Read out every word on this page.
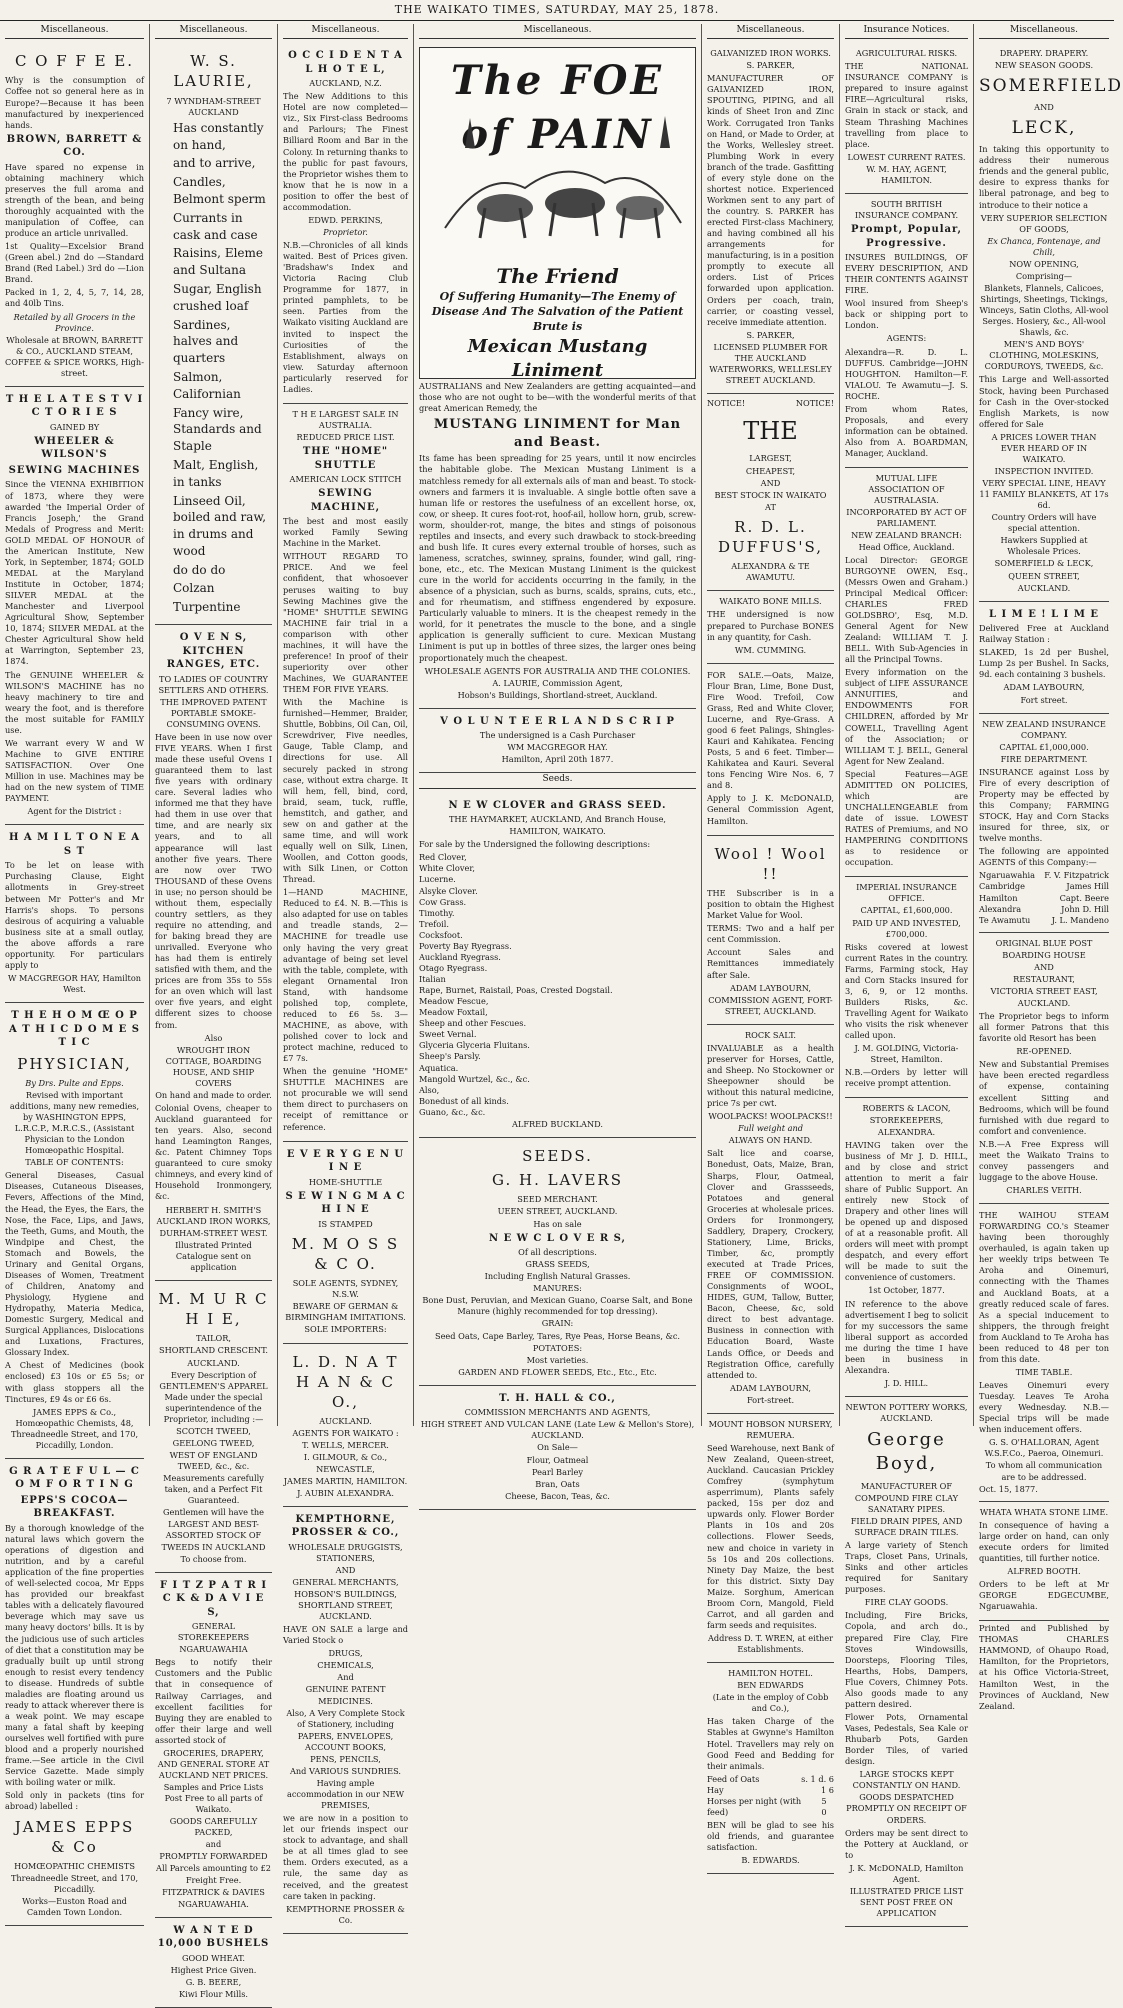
THE WAIKATO TIMES, SATURDAY, MAY 25, 1878.
Miscellaneous.
C O F F E E.

Why is the consumption of Coffee not so general here as in Europe?—Because it has been manufactured by inexperienced hands.

BROWN, BARRETT & CO.

Have spared no expense in obtaining machinery which preserves the full aroma and strength of the bean, and being thoroughly acquainted with the manipulation of Coffee, can produce an article unrivalled.

1st Quality—Excelsior Brand (Green abel.) 2nd do —Standard Brand (Red Label.) 3rd do —Lion Brand.

Packed in 1, 2, 4, 5, 7, 14, 28, and 40lb Tins.

Retailed by all Grocers in the Province.

Wholesale at BROWN, BARRETT & CO., AUCKLAND STEAM, COFFEE & SPICE WORKS, High-street.

T H E L A T E S T V I C T O R I E S
GAINED BY
WHEELER & WILSON'S
SEWING MACHINES

Since the VIENNA EXHIBITION of 1873, where they were awarded 'the Imperial Order of Francis Joseph,' the Grand Medals of Progress and Merit: GOLD MEDAL OF HONOUR of the American Institute, New York, in September, 1874; GOLD MEDAL at the Maryland Institute in October, 1874; SILVER MEDAL at the Manchester and Liverpool Agricultural Show, September 10, 1874; SILVER MEDAL at the Chester Agricultural Show held at Warrington, September 23, 1874.

The GENUINE WHEELER & WILSON'S MACHINE has no heavy machinery to tire and weary the foot, and is therefore the most suitable for FAMILY use.

We warrant every W and W Machine to GIVE ENTIRE SATISFACTION. Over One Million in use. Machines may be had on the new system of TIME PAYMENT.

Agent for the District :

H A M I L T O N E A S T

To be let on lease with Purchasing Clause, Eight allotments in Grey-street between Mr Potter's and Mr Harris's shops. To persons desirous of acquiring a valuable business site at a small outlay, the above affords a rare opportunity. For particulars apply to

W MACGREGOR HAY, Hamilton West.

T H E H O M Œ O P A T H I C D O M E S T I C
PHYSICIAN,
By Drs. Pulte and Epps.

Revised with important additions, many new remedies, by WASHINGTON EPPS, L.R.C.P., M.R.C.S., (Assistant Physician to the London Homœopathic Hospital.

TABLE OF CONTENTS:

General Diseases, Casual Diseases, Cutaneous Diseases, Fevers, Affections of the Mind, the Head, the Eyes, the Ears, the Nose, the Face, Lips, and Jaws, the Teeth, Gums, and Mouth, the Windpipe and Chest, the Stomach and Bowels, the Urinary and Genital Organs, Diseases of Women, Treatment of Children, Anatomy and Physiology, Hygiene and Hydropathy, Materia Medica, Domestic Surgery, Medical and Surgical Appliances, Dislocations and Luxations, Fractures, Glossary Index.

A Chest of Medicines (book enclosed) £3 10s or £5 5s; or with glass stoppers all the Tinctures, £9 4s or £6 6s.

JAMES EPPS & Co., Homœopathic Chemists, 48, Threadneedle Street, and 170, Piccadilly, London.

G R A T E F U L — C O M F O R T I N G
EPPS'S COCOA—BREAKFAST.

By a thorough knowledge of the natural laws which govern the operations of digestion and nutrition, and by a careful application of the fine properties of well-selected cocoa, Mr Epps has provided our breakfast tables with a delicately flavoured beverage which may save us many heavy doctors' bills. It is by the judicious use of such articles of diet that a constitution may be gradually built up until strong enough to resist every tendency to disease. Hundreds of subtle maladies are floating around us ready to attack wherever there is a weak point. We may escape many a fatal shaft by keeping ourselves well fortified with pure blood and a properly nourished frame.—See article in the Civil Service Gazette. Made simply with boiling water or milk.

Sold only in packets (tins for abroad) labelled :

JAMES EPPS & Co
HOMŒOPATHIC CHEMISTS
Threadneedle Street, and 170, Piccadilly.
Works—Euston Road and Camden Town London.
Miscellaneous.
W. S. LAURIE,
7 WYNDHAM-STREET AUCKLAND
Has constantly on hand,
and to arrive,
Candles, Belmont sperm
Currants in cask and case
Raisins, Eleme and Sultana
Sugar, English crushed loaf
Sardines, halves and quarters
Salmon, Californian
Fancy wire, Standards and Staple
Malt, English, in tanks
Linseed Oil, boiled and raw, in drums and wood
do do do
Colzan
Turpentine
O V E N S, KITCHEN RANGES, ETC.
TO LADIES OF COUNTRY SETTLERS AND OTHERS.
THE IMPROVED PATENT PORTABLE SMOKE-CONSUMING OVENS.

Have been in use now over FIVE YEARS. When I first made these useful Ovens I guaranteed them to last five years with ordinary care. Several ladies who informed me that they have had them in use over that time, and are nearly six years, and to all appearance will last another five years. There are now over TWO THOUSAND of these Ovens in use; no person should be without them, especially country settlers, as they require no attending, and for baking bread they are unrivalled. Everyone who has had them is entirely satisfied with them, and the prices are from 35s to 55s for an oven which will last over five years, and eight different sizes to choose from.

Also
WROUGHT IRON COTTAGE, BOARDING HOUSE, AND SHIP COVERS
On hand and made to order.

Colonial Ovens, cheaper to Auckland guaranteed for ten years. Also, second hand Leamington Ranges, &c. Patent Chimney Tops guaranteed to cure smoky chimneys, and every kind of Household Ironmongery, &c.

HERBERT H. SMITH'S AUCKLAND IRON WORKS,
DURHAM-STREET WEST.
Illustrated Printed Catalogue sent on application
M. M U R C H I E,
TAILOR,
SHORTLAND CRESCENT.
AUCKLAND.

Every Description of GENTLEMEN'S APPAREL Made under the special superintendence of the Proprietor, including :—

SCOTCH TWEED,
GEELONG TWEED,
WEST OF ENGLAND TWEED, &c., &c.

Measurements carefully taken, and a Perfect Fit Guaranteed.

Gentlemen will have the
LARGEST AND BEST-ASSORTED STOCK OF TWEEDS IN AUCKLAND
To choose from.
F I T Z P A T R I C K & D A V I E S,
GENERAL STOREKEEPERS
NGARUAWAHIA

Begs to notify their Customers and the Public that in consequence of Railway Carriages, and excellent facilities for Buying they are enabled to offer their large and well assorted stock of

GROCERIES, DRAPERY, AND GENERAL STORE AT AUCKLAND NET PRICES.
Samples and Price Lists Post Free to all parts of Waikato.
GOODS CAREFULLY PACKED,
and
PROMPTLY FORWARDED
All Parcels amounting to £2 Freight Free.
FITZPATRICK & DAVIES
NGARUAWAHIA.
W A N T E D 10,000 BUSHELS
GOOD WHEAT.
Highest Price Given.
G. B. BEERE,
Kiwi Flour Mills.
Miscellaneous.
O C C I D E N T A L H O T E L,
AUCKLAND, N.Z.

The New Additions to this Hotel are now completed—viz., Six First-class Bedrooms and Parlours; The Finest Billiard Room and Bar in the Colony. In returning thanks to the public for past favours, the Proprietor wishes them to know that he is now in a position to offer the best of accommodation.

EDWD. PERKINS,
Proprietor.

N.B.—Chronicles of all kinds waited. Best of Prices given. 'Bradshaw's Index and Victoria Racing Club Programme for 1877, in printed pamphlets, to be seen. Parties from the Waikato visiting Auckland are invited to inspect the Curiosities of the Establishment, always on view. Saturday afternoon particularly reserved for Ladies.

T H E LARGEST SALE IN AUSTRALIA.
REDUCED PRICE LIST.
THE "HOME" SHUTTLE
AMERICAN LOCK STITCH
SEWING MACHINE,

The best and most easily worked Family Sewing Machine in the Market.

WITHOUT REGARD TO PRICE. And we feel confident, that whosoever peruses waiting to buy Sewing Machines give the "HOME" SHUTTLE SEWING MACHINE fair trial in a comparison with other machines, it will have the preference! In proof of their superiority over other Machines, We GUARANTEE THEM FOR FIVE YEARS.

With the Machine is furnished—Hemmer, Braider, Shuttle, Bobbins, Oil Can, Oil, Screwdriver, Five needles, Gauge, Table Clamp, and directions for use. All securely packed in strong case, without extra charge. It will hem, fell, bind, cord, braid, seam, tuck, ruffle, hemstitch, and gather, and sew on and gather at the same time, and will work equally well on Silk, Linen, Woollen, and Cotton goods, with Silk Linen, or Cotton Thread.

1—HAND MACHINE, Reduced to £4. N. B.—This is also adapted for use on tables and treadle stands, 2—MACHINE for treadle use only having the very great advantage of being set level with the table, complete, with elegant Ornamental Iron Stand, with handsome polished top, complete, reduced to £6 5s. 3—MACHINE, as above, with polished cover to lock and protect machine, reduced to £7 7s.

When the genuine "HOME" SHUTTLE MACHINES are not procurable we will send them direct to purchasers on receipt of remittance or reference.

E V E R Y G E N U I N E
HOME-SHUTTLE
S E W I N G M A C H I N E
IS STAMPED
M. M O S S & C O.
SOLE AGENTS, SYDNEY, N.S.W.
BEWARE OF GERMAN & BIRMINGHAM IMITATIONS.
SOLE IMPORTERS:
L. D. N A T H A N & C O.,
AUCKLAND.
AGENTS FOR WAIKATO :
T. WELLS, MERCER.
I. GILMOUR, & Co., NEWCASTLE,
JAMES MARTIN, HAMILTON.
J. AUBIN ALEXANDRA.
KEMPTHORNE, PROSSER & CO.,
WHOLESALE DRUGGISTS, STATIONERS,
AND
GENERAL MERCHANTS,
HOBSON'S BUILDINGS, SHORTLAND STREET, AUCKLAND.

HAVE ON SALE a large and Varied Stock o

DRUGS,
CHEMICALS,
And
GENUINE PATENT MEDICINES.
Also, A Very Complete Stock of Stationery, including
PAPERS, ENVELOPES, ACCOUNT BOOKS,
PENS, PENCILS,
And VARIOUS SUNDRIES.
Having ample accommodation in our NEW PREMISES,

we are now in a position to let our friends inspect our stock to advantage, and shall be at all times glad to see them. Orders executed, as a rule, the same day as received, and the greatest care taken in packing.

KEMPTHORNE PROSSER & Co.
Miscellaneous.
The FOE of PAIN
The Friend
Of Suffering Humanity—The Enemy of Disease And The Salvation of the Patient Brute is
Mexican Mustang Liniment

AUSTRALIANS and New Zealanders are getting acquainted—and those who are not ought to be—with the wonderful merits of that great American Remedy, the

MUSTANG LINIMENT for Man and Beast.

Its fame has been spreading for 25 years, until it now encircles the habitable globe. The Mexican Mustang Liniment is a matchless remedy for all externals ails of man and beast. To stock-owners and farmers it is invaluable. A single bottle often save a human life or restores the usefulness of an excellent horse, ox, cow, or sheep. It cures foot-rot, hoof-ail, hollow horn, grub, screw-worm, shoulder-rot, mange, the bites and stings of poisonous reptiles and insects, and every such drawback to stock-breeding and bush life. It cures every external trouble of horses, such as lameness, scratches, swinney, sprains, founder, wind gall, ring-bone, etc., etc. The Mexican Mustang Liniment is the quickest cure in the world for accidents occurring in the family, in the absence of a physician, such as burns, scalds, sprains, cuts, etc., and for rheumatism, and stiffness engendered by exposure. Particularly valuable to miners. It is the cheapest remedy in the world, for it penetrates the muscle to the bone, and a single application is generally sufficient to cure. Mexican Mustang Liniment is put up in bottles of three sizes, the larger ones being proportionately much the cheapest.

WHOLESALE AGENTS FOR AUSTRALIA AND THE COLONIES.
A. LAURIE, Commission Agent,
Hobson's Buildings, Shortland-street, Auckland.
V O L U N T E E R L A N D S C R I P
The undersigned is a Cash Purchaser
WM MACGREGOR HAY.
Hamilton, April 20th 1877.
Seeds.
N E W CLOVER and GRASS SEED.
THE HAYMARKET, AUCKLAND, And Branch House,
HAMILTON, WAIKATO.

For sale by the Undersigned the following descriptions:

Red Clover,
White Clover,
Lucerne.
Alsyke Clover.
Cow Grass.
Timothy.
Trefoil.
Cocksfoot.
Poverty Bay Ryegrass.
Auckland Ryegrass.
Otago Ryegrass.
Italian
Rape, Burnet, Raistail, Poas, Crested Dogstail.
Meadow Fescue,
Meadow Foxtail,
Sheep and other Fescues.
Sweet Vernal.
Glyceria Glyceria Fluitans.
Sheep's Parsly.
Aquatica.
Mangold Wurtzel, &c., &c.
Also,
Bonedust of all kinds.
Guano, &c., &c.
ALFRED BUCKLAND.
SEEDS.
G. H. LAVERS
SEED MERCHANT.
UEEN STREET, AUCKLAND.
Has on sale
N E W C L O V E R S,
Of all descriptions.
GRASS SEEDS,
Including English Natural Grasses.
MANURES:

Bone Dust, Peruvian, and Mexican Guano, Coarse Salt, and Bone Manure (highly recommended for top dressing).

GRAIN:

Seed Oats, Cape Barley, Tares, Rye Peas, Horse Beans, &c.

POTATOES:
Most varieties.
GARDEN AND FLOWER SEEDS, Etc., Etc., Etc.
T. H. HALL & CO.,
COMMISSION MERCHANTS AND AGENTS,
HIGH STREET AND VULCAN LANE (Late Lew & Mellon's Store), AUCKLAND.
On Sale—
Flour, Oatmeal
Pearl Barley
Bran, Oats
Cheese, Bacon, Teas, &c.
Miscellaneous.
GALVANIZED IRON WORKS.
S. PARKER,

MANUFACTURER OF GALVANIZED IRON, SPOUTING, PIPING, and all kinds of Sheet Iron and Zinc Work. Corrugated Iron Tanks on Hand, or Made to Order, at the Works, Wellesley street. Plumbing Work in every branch of the trade. Gasfitting of every style done on the shortest notice. Experienced Workmen sent to any part of the country. S. PARKER has erected First-class Machinery, and having combined all his arrangements for manufacturing, is in a position promptly to execute all orders. List of Prices forwarded upon application. Orders per coach, train, carrier, or coasting vessel, receive immediate attention.

S. PARKER,

LICENSED PLUMBER FOR THE AUCKLAND WATERWORKS, WELLESLEY STREET AUCKLAND.

NOTICE!	NOTICE!
THE
LARGEST,
CHEAPEST,
AND
BEST STOCK IN WAIKATO
AT
R. D. L. DUFFUS'S,
ALEXANDRA & TE AWAMUTU.
WAIKATO BONE MILLS.

THE undersigned is now prepared to Purchase BONES in any quantity, for Cash.

WM. CUMMING.

FOR SALE.—Oats, Maize, Flour Bran, Lime, Bone Dust, Fire Wood. Trefoil, Cow Grass, Red and White Clover, Lucerne, and Rye-Grass. A good 6 feet Palings, Shingles-Kauri and Kahikatea. Fencing Posts, 5 and 6 feet. Timber—Kahikatea and Kauri. Several tons Fencing Wire Nos. 6, 7 and 8.

Apply to J. K. McDONALD, General Commission Agent, Hamilton.

Wool ! Wool !!

THE Subscriber is in a position to obtain the Highest Market Value for Wool.

TERMS: Two and a half per cent Commission.

Account Sales and Remittances immediately after Sale.

ADAM LAYBOURN,
COMMISSION AGENT, FORT-STREET, AUCKLAND.
ROCK SALT.

INVALUABLE as a health preserver for Horses, Cattle, and Sheep. No Stockowner or Sheepowner should be without this natural medicine, price 7s per cwt.

WOOLPACKS! WOOLPACKS!!
Full weight and
ALWAYS ON HAND.

Salt lice and coarse, Bonedust, Oats, Maize, Bran, Sharps, Flour, Oatmeal, Clover and Grassseeds, Potatoes and general Groceries at wholesale prices. Orders for Ironmongery, Saddlery, Drapery, Crockery, Stationery, Lime, Bricks, Timber, &c, promptly executed at Trade Prices, FREE OF COMMISSION. Consignments of WOOL, HIDES, GUM, Tallow, Butter, Bacon, Cheese, &c, sold direct to best advantage. Business in connection with Education Board, Waste Lands Office, or Deeds and Registration Office, carefully attended to.

ADAM LAYBOURN,
Fort-street.
MOUNT HOBSON NURSERY, REMUERA.

Seed Warehouse, next Bank of New Zealand, Queen-street, Auckland. Caucasian Prickley Comfrey (symphytum asperrimum), Plants safely packed, 15s per doz and upwards only. Flower Border Plants in 10s and 20s collections. Flower Seeds, new and choice in variety in 5s 10s and 20s collections. Ninety Day Maize, the best for this district. Sixty Day Maize. Sorghum, American Broom Corn, Mangold, Field Carrot, and all garden and farm seeds and requisites.

Address D. T. WREN, at either Establishments.
HAMILTON HOTEL.
BEN EDWARDS
(Late in the employ of Cobb and Co.),

Has taken Charge of the Stables at Gwynne's Hamilton Hotel. Travellers may rely on Good Feed and Bedding for their animals.

Feed of Oats	s. 1 d. 6
Hay	1 6
Horses per night (with feed)
5 0

BEN will be glad to see his old friends, and guarantee satisfaction.

B. EDWARDS.
Insurance Notices.
AGRICULTURAL RISKS.

THE NATIONAL INSURANCE COMPANY is prepared to insure against FIRE—Agricultural risks, Grain in stack or stack, and Steam Thrashing Machines travelling from place to place.

LOWEST CURRENT RATES.
W. M. HAY, AGENT, HAMILTON.
SOUTH BRITISH INSURANCE COMPANY.
Prompt, Popular, Progressive.

INSURES BUILDINGS, OF EVERY DESCRIPTION, AND THEIR CONTENTS AGAINST FIRE.

Wool insured from Sheep's back or shipping port to London.

AGENTS:

Alexandra—R. D. L. DUFFUS. Cambridge—JOHN HOUGHTON. Hamilton—F. VIALOU. Te Awamutu—J. S. ROCHE.

From whom Rates, Proposals, and every information can be obtained. Also from A. BOARDMAN, Manager, Auckland.

MUTUAL LIFE ASSOCIATION OF AUSTRALASIA.
INCORPORATED BY ACT OF PARLIAMENT.
NEW ZEALAND BRANCH: Head Office, Auckland.

Local Director: GEORGE BURGOYNE OWEN, Esq., (Messrs Owen and Graham.) Principal Medical Officer: CHARLES FRED GOLDSBRO', Esq, M.D. General Agent for New Zealand: WILLIAM T. J. BELL. With Sub-Agencies in all the Principal Towns.

Every information on the subject of LIFE ASSURANCE ANNUITIES, and ENDOWMENTS FOR CHILDREN, afforded by Mr COWELL, Travelling Agent of the Association; or WILLIAM T. J. BELL, General Agent for New Zealand.

Special Features—AGE ADMITTED ON POLICIES, which are UNCHALLENGEABLE from date of issue. LOWEST RATES of Premiums, and NO HAMPERING CONDITIONS as to residence or occupation.

IMPERIAL INSURANCE OFFICE.
CAPITAL, £1,600,000.
PAID UP AND INVESTED, £700,000.

Risks covered at lowest current Rates in the country. Farms, Farming stock, Hay and Corn Stacks insured for 3, 6, 9, or 12 months. Builders Risks, &c. Travelling Agent for Waikato who visits the risk whenever called upon.

J. M. GOLDING, Victoria-Street, Hamilton.

N.B.—Orders by letter will receive prompt attention.

ROBERTS & LACON, STOREKEEPERS,
ALEXANDRA.

HAVING taken over the business of Mr J. D. HILL, and by close and strict attention to merit a fair share of Public Support. An entirely new Stock of Drapery and other lines will be opened up and disposed of at a reasonable profit. All orders will meet with prompt despatch, and every effort will be made to suit the convenience of customers.

1st October, 1877.

IN reference to the above advertisement I beg to solicit for my successors the same liberal support as accorded me during the time I have been in business in Alexandra.

J. D. HILL.
NEWTON POTTERY WORKS, AUCKLAND.
George Boyd,
MANUFACTURER OF
COMPOUND FIRE CLAY SANATARY PIPES.
FIELD DRAIN PIPES, AND SURFACE DRAIN TILES.

A large variety of Stench Traps, Closet Pans, Urinals, Sinks and other articles required for Sanitary purposes.

FIRE CLAY GOODS.

Including, Fire Bricks, Copola, and arch do., prepared Fire Clay, Fire Stoves Windowsills, Doorsteps, Flooring Tiles, Hearths, Hobs, Dampers, Flue Covers, Chimney Pots. Also goods made to any pattern desired.

Flower Pots, Ornamental Vases, Pedestals, Sea Kale or Rhubarb Pots, Garden Border Tiles, of varied design.

LARGE STOCKS KEPT CONSTANTLY ON HAND.
GOODS DESPATCHED PROMPTLY ON RECEIPT OF ORDERS.

Orders may be sent direct to the Pottery at Auckland, or to

J. K. McDONALD, Hamilton Agent.
ILLUSTRATED PRICE LIST SENT POST FREE ON APPLICATION
Miscellaneous.
DRAPERY. DRAPERY.
NEW SEASON GOODS.
SOMERFIELD
AND
LECK,

In taking this opportunity to address their numerous friends and the general public, desire to express thanks for liberal patronage, and beg to introduce to their notice a

VERY SUPERIOR SELECTION OF GOODS,
Ex Chanca, Fontenaye, and Chili,
NOW OPENING,
Comprising—

Blankets, Flannels, Calicoes, Shirtings, Sheetings, Tickings, Winceys, Satin Cloths, All-wool Serges. Hosiery, &c., All-wool Shawls, &c.

MEN'S AND BOYS' CLOTHING, MOLESKINS, CORDUROYS, TWEEDS, &c.

This Large and Well-assorted Stock, having been Purchased for Cash in the Over-stocked English Markets, is now offered for Sale

A PRICES LOWER THAN EVER HEARD OF IN WAIKATO.
INSPECTION INVITED.
VERY SPECIAL LINE, HEAVY 11 FAMILY BLANKETS, AT 17s 6d.
Country Orders will have special attention.
Hawkers Supplied at Wholesale Prices.
SOMERFIELD & LECK,
QUEEN STREET,
AUCKLAND.
L I M E ! L I M E

Delivered Free at Auckland Railway Station :

SLAKED, 1s 2d per Bushel, Lump 2s per Bushel. In Sacks, 9d. each containing 3 bushels.

ADAM LAYBOURN,
Fort street.
NEW ZEALAND INSURANCE COMPANY.
CAPITAL £1,000,000.
FIRE DEPARTMENT.

INSURANCE against Loss by Fire of every description of Property may be effected by this Company; FARMING STOCK, Hay and Corn Stacks insured for three, six, or twelve months.

The following are appointed AGENTS of this Company:—

Ngaruawahia F. V. Fitzpatrick
Cambridge	James Hill
Hamilton	Capt. Beere
Alexandra	John D. Hill
Te Awamutu	J. L. Mandeno
ORIGINAL BLUE POST
BOARDING HOUSE
AND
RESTAURANT,
VICTORIA STREET EAST,
AUCKLAND.

The Proprietor begs to inform all former Patrons that this favorite old Resort has been

RE-OPENED.

New and Substantial Premises have been erected regardless of expense, containing excellent Sitting and Bedrooms, which will be found furnished with due regard to comfort and convenience.

N.B.—A Free Express will meet the Waikato Trains to convey passengers and luggage to the above House.

CHARLES VEITH.

THE WAIHOU STEAM FORWARDING CO.'s Steamer having been thoroughly overhauled, is again taken up her weekly trips between Te Aroha and Oinemuri, connecting with the Thames and Auckland Boats, at a greatly reduced scale of fares. As a special inducement to shippers, the through freight from Auckland to Te Aroha has been reduced to 48 per ton from this date.

TIME TABLE.

Leaves Oinemuri every Tuesday. Leaves Te Aroha every Wednesday. N.B.—Special trips will be made when inducement offers.

G. S. O'HALLORAN, Agent W.S.F.Co., Paeroa, Oinemuri.
To whom all communication are to be addressed.
Oct. 15, 1877.
WHATA WHATA STONE LIME.

In consequence of having a large order on hand, can only execute orders for limited quantities, till further notice.

ALFRED BOOTH.

Orders to be left at Mr GEORGE EDGECUMBE, Ngaruawahia.

Printed and Published by THOMAS CHARLES HAMMOND, of Ohaupo Road, Hamilton, for the Proprietors, at his Office Victoria-Street, Hamilton West, in the Provinces of Auckland, New Zealand.
